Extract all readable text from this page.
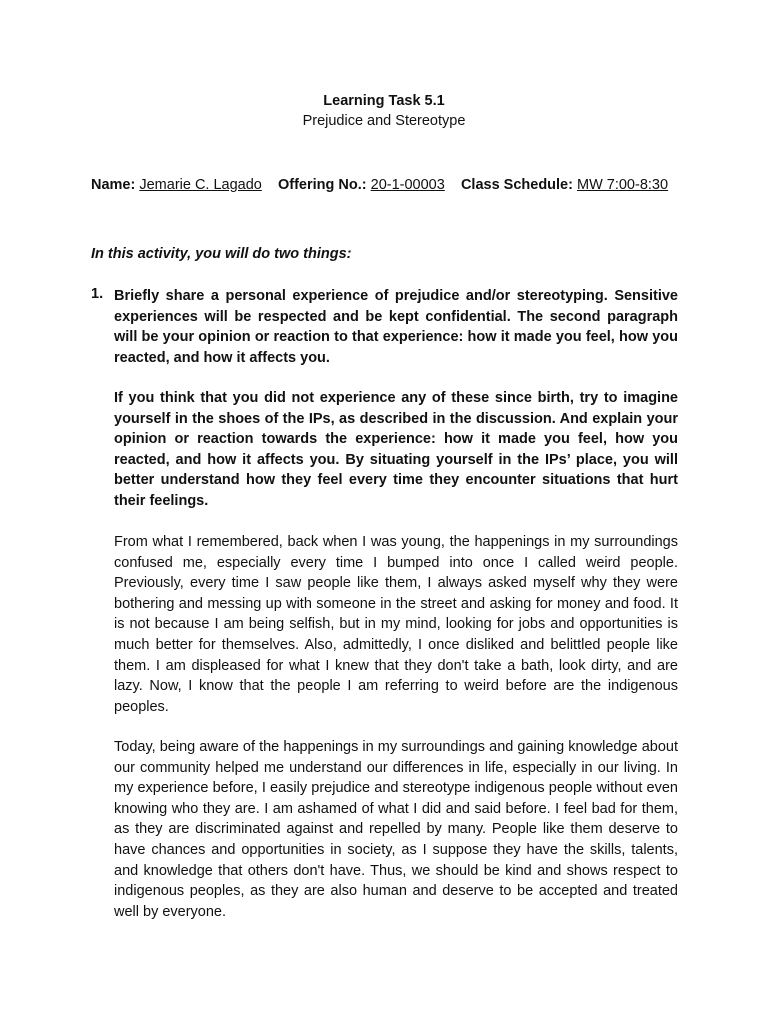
Learning Task 5.1
Prejudice and Stereotype
Name: Jemarie C. Lagado Offering No.: 20-1-00003 Class Schedule: MW 7:00-8:30
In this activity, you will do two things:
1. Briefly share a personal experience of prejudice and/or stereotyping. Sensitive experiences will be respected and be kept confidential. The second paragraph will be your opinion or reaction to that experience: how it made you feel, how you reacted, and how it affects you.

If you think that you did not experience any of these since birth, try to imagine yourself in the shoes of the IPs, as described in the discussion. And explain your opinion or reaction towards the experience: how it made you feel, how you reacted, and how it affects you. By situating yourself in the IPs’ place, you will better understand how they feel every time they encounter situations that hurt their feelings.

From what I remembered, back when I was young, the happenings in my surroundings confused me, especially every time I bumped into once I called weird people. Previously, every time I saw people like them, I always asked myself why they were bothering and messing up with someone in the street and asking for money and food. It is not because I am being selfish, but in my mind, looking for jobs and opportunities is much better for themselves. Also, admittedly, I once disliked and belittled people like them. I am displeased for what I knew that they don't take a bath, look dirty, and are lazy. Now, I know that the people I am referring to weird before are the indigenous peoples.

Today, being aware of the happenings in my surroundings and gaining knowledge about our community helped me understand our differences in life, especially in our living. In my experience before, I easily prejudice and stereotype indigenous people without even knowing who they are. I am ashamed of what I did and said before. I feel bad for them, as they are discriminated against and repelled by many. People like them deserve to have chances and opportunities in society, as I suppose they have the skills, talents, and knowledge that others don't have. Thus, we should be kind and shows respect to indigenous peoples, as they are also human and deserve to be accepted and treated well by everyone.
